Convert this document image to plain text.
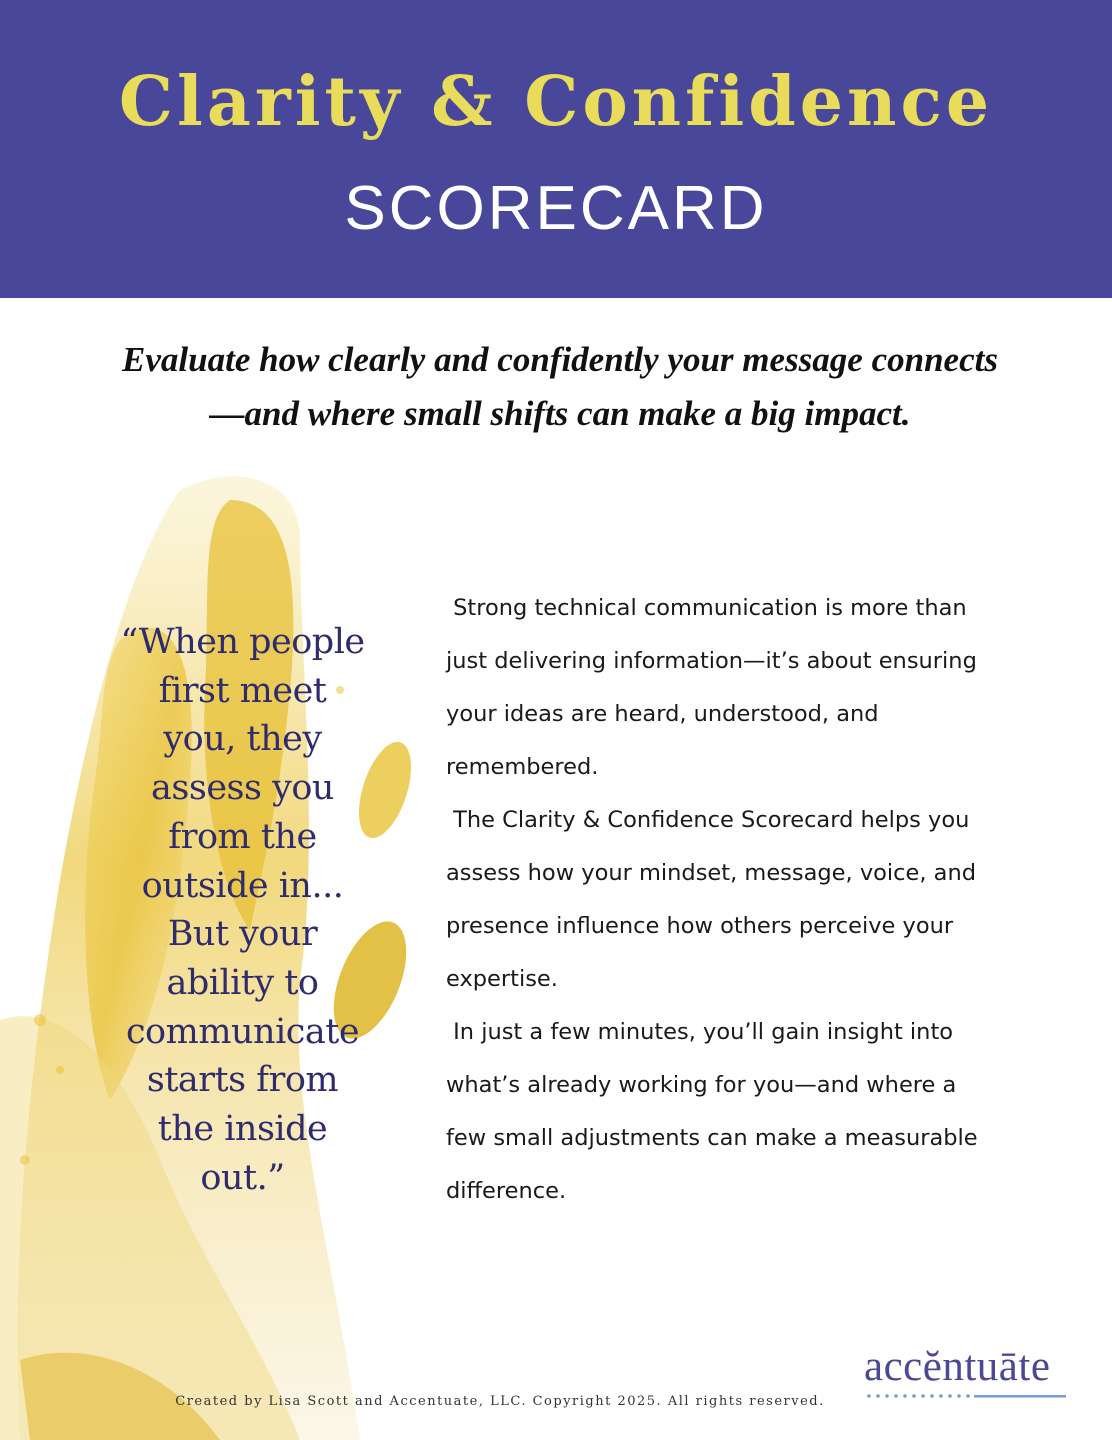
Clarity & Confidence
SCORECARD
Evaluate how clearly and confidently your message connects
—and where small shifts can make a big impact.
“When people
first meet
you, they
assess you
from the
outside in...
But your
ability to
communicate
starts from
the inside
out.”
Strong technical communication is more than
just delivering information—it’s about ensuring
your ideas are heard, understood, and
remembered.
The Clarity & Confidence Scorecard helps you
assess how your mindset, message, voice, and
presence influence how others perceive your
expertise.
In just a few minutes, you’ll gain insight into
what’s already working for you—and where a
few small adjustments can make a measurable
difference.
accĕntuāte
Created by Lisa Scott and Accentuate, LLC. Copyright 2025. All rights reserved.
